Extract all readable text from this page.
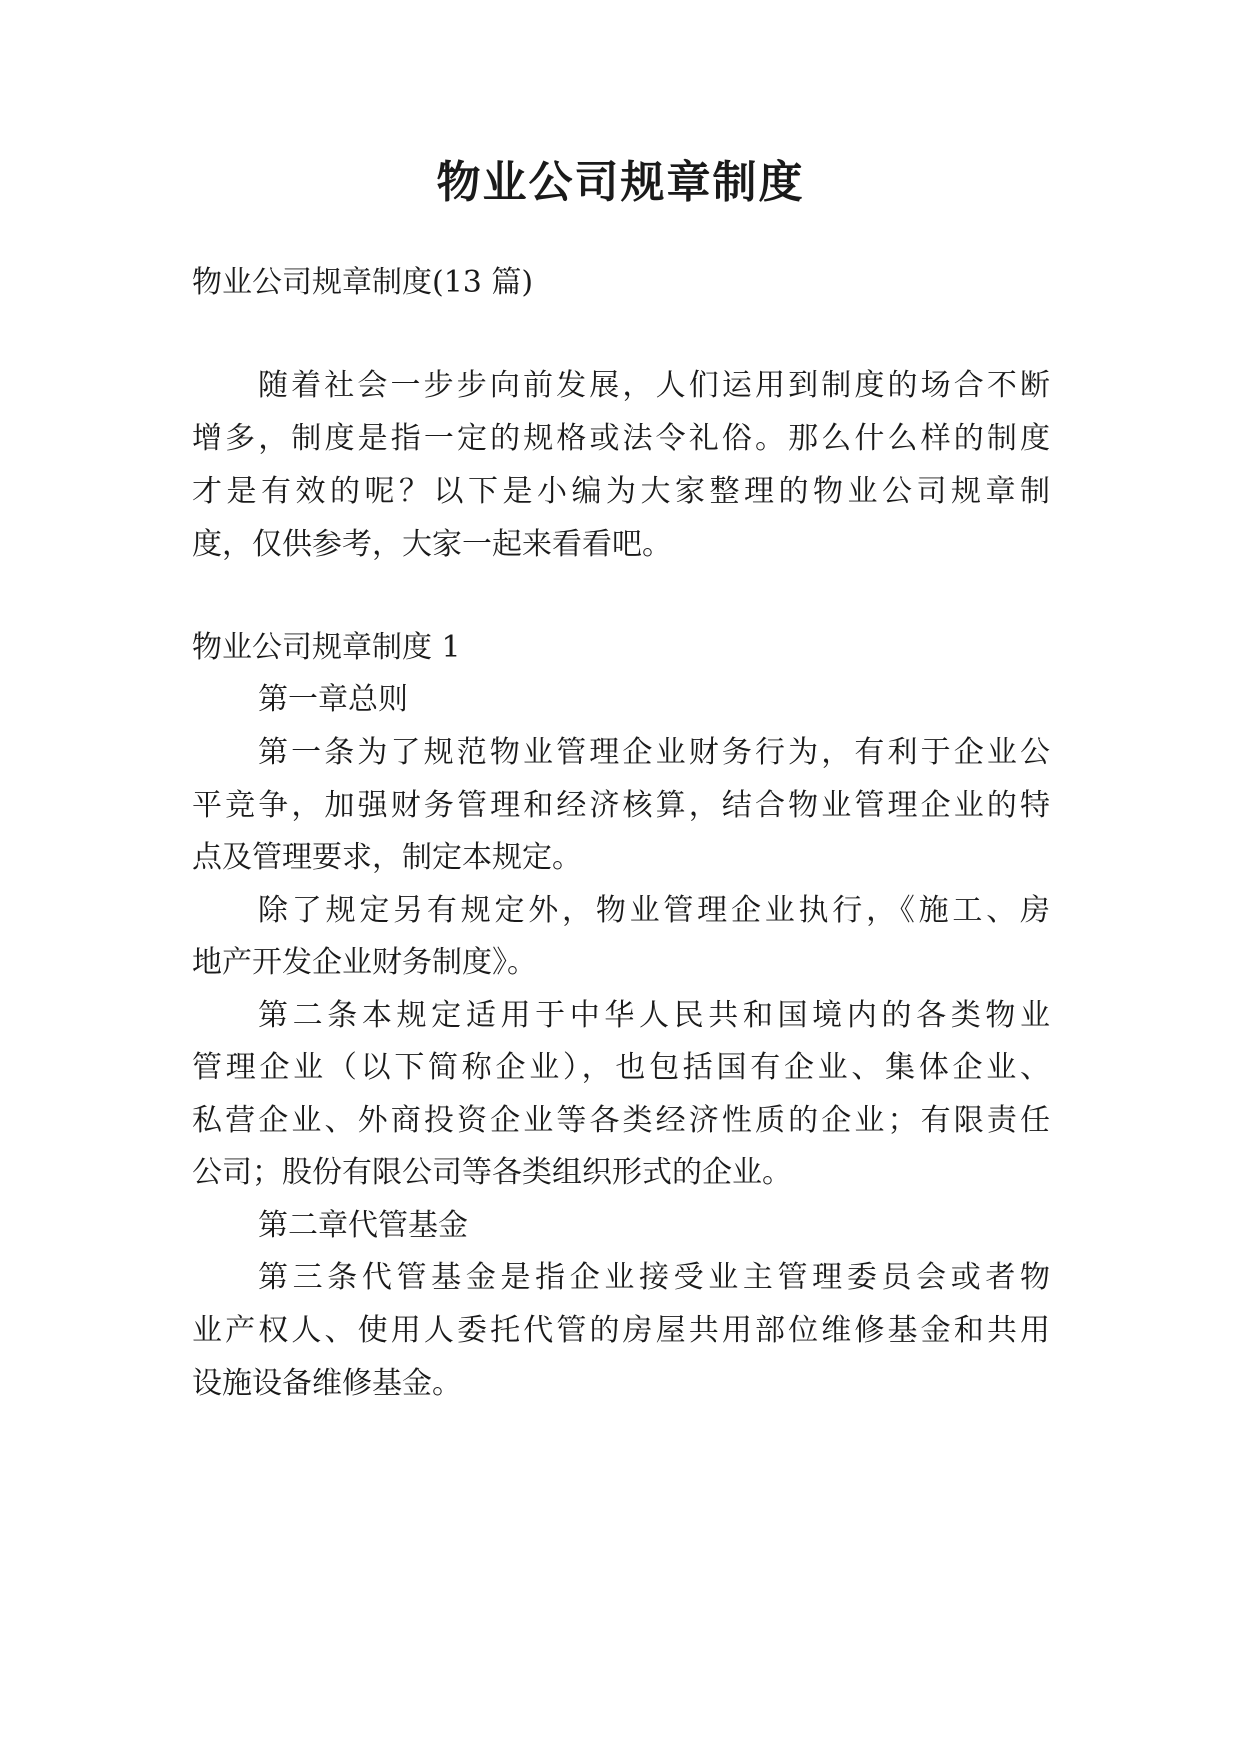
物业公司规章制度

物业公司规章制度(13 篇)

随着社会一步步向前发展，人们运用到制度的场合不断

增多，制度是指一定的规格或法令礼俗。那么什么样的制度

才是有效的呢？以下是小编为大家整理的物业公司规章制

度，仅供参考，大家一起来看看吧。

物业公司规章制度 1

第一章总则

第一条为了规范物业管理企业财务行为，有利于企业公

平竞争，加强财务管理和经济核算，结合物业管理企业的特

点及管理要求，制定本规定。

除了规定另有规定外，物业管理企业执行，《施工、房

地产开发企业财务制度》。

第二条本规定适用于中华人民共和国境内的各类物业

管理企业（以下简称企业），也包括国有企业、集体企业、

私营企业、外商投资企业等各类经济性质的企业；有限责任

公司；股份有限公司等各类组织形式的企业。

第二章代管基金

第三条代管基金是指企业接受业主管理委员会或者物

业产权人、使用人委托代管的房屋共用部位维修基金和共用

设施设备维修基金。
